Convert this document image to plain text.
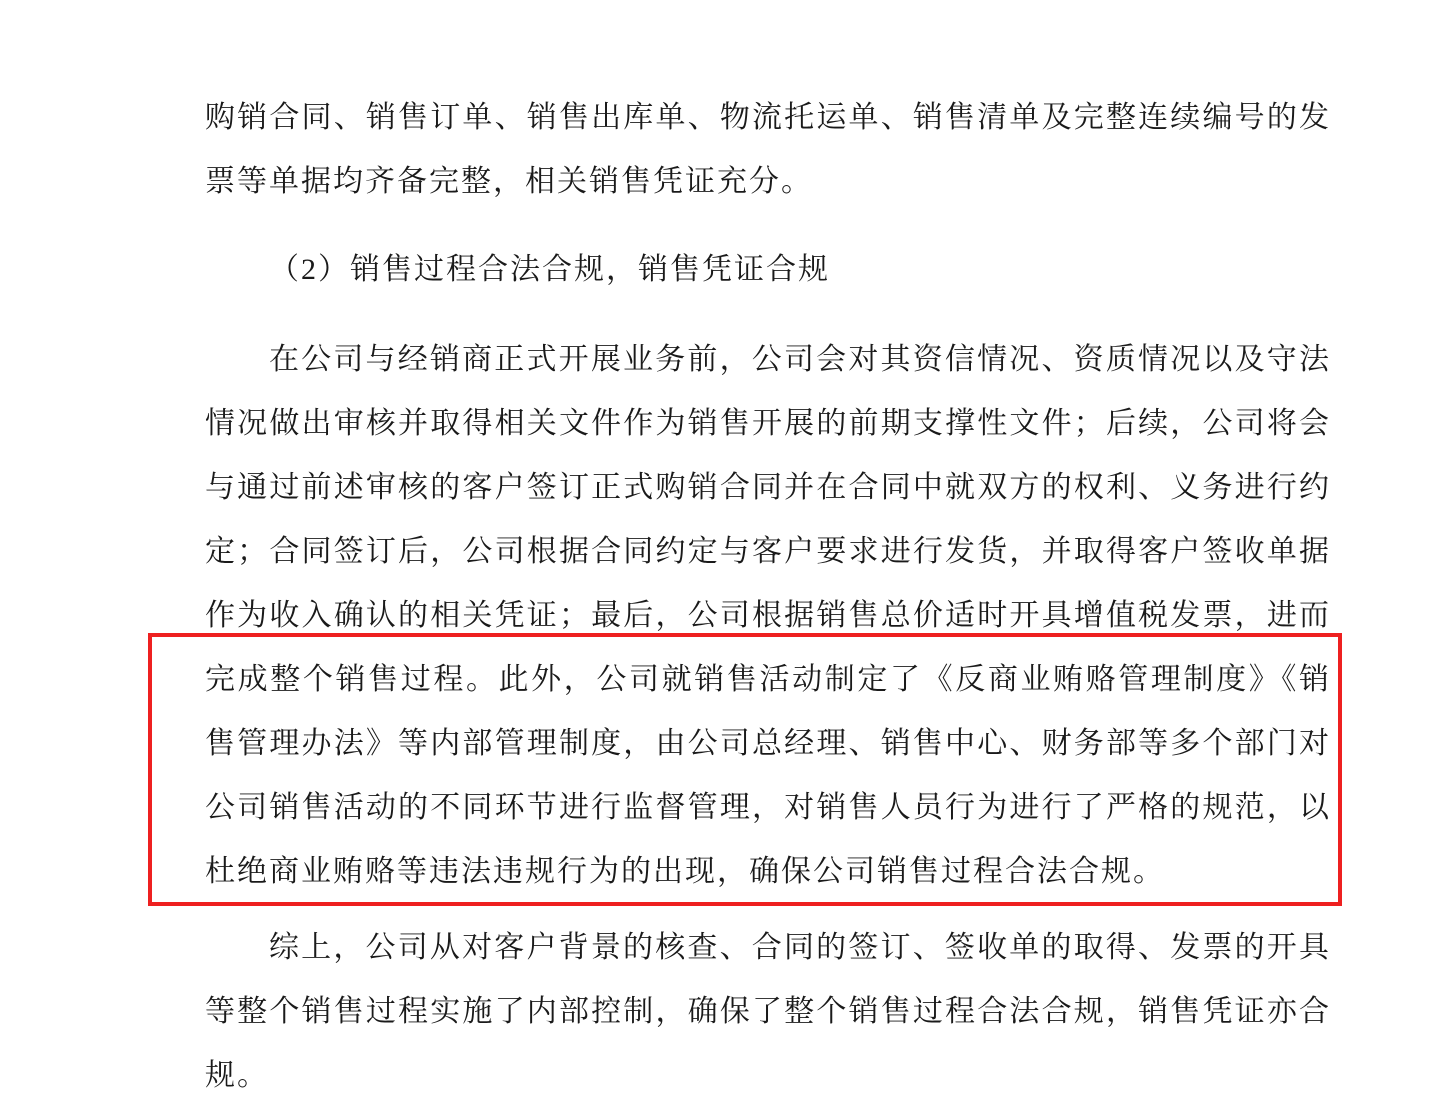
购销合同、销售订单、销售出库单、物流托运单、销售清单及完整连续编号的发
票等单据均齐备完整，相关销售凭证充分。
（2）销售过程合法合规，销售凭证合规
在公司与经销商正式开展业务前，公司会对其资信情况、资质情况以及守法
情况做出审核并取得相关文件作为销售开展的前期支撑性文件；后续，公司将会
与通过前述审核的客户签订正式购销合同并在合同中就双方的权利、义务进行约
定；合同签订后，公司根据合同约定与客户要求进行发货，并取得客户签收单据
作为收入确认的相关凭证；最后，公司根据销售总价适时开具增值税发票，进而
完成整个销售过程。此外，公司就销售活动制定了《反商业贿赂管理制度》《销
售管理办法》等内部管理制度，由公司总经理、销售中心、财务部等多个部门对
公司销售活动的不同环节进行监督管理，对销售人员行为进行了严格的规范，以
杜绝商业贿赂等违法违规行为的出现，确保公司销售过程合法合规。
综上，公司从对客户背景的核查、合同的签订、签收单的取得、发票的开具
等整个销售过程实施了内部控制，确保了整个销售过程合法合规，销售凭证亦合
规。
